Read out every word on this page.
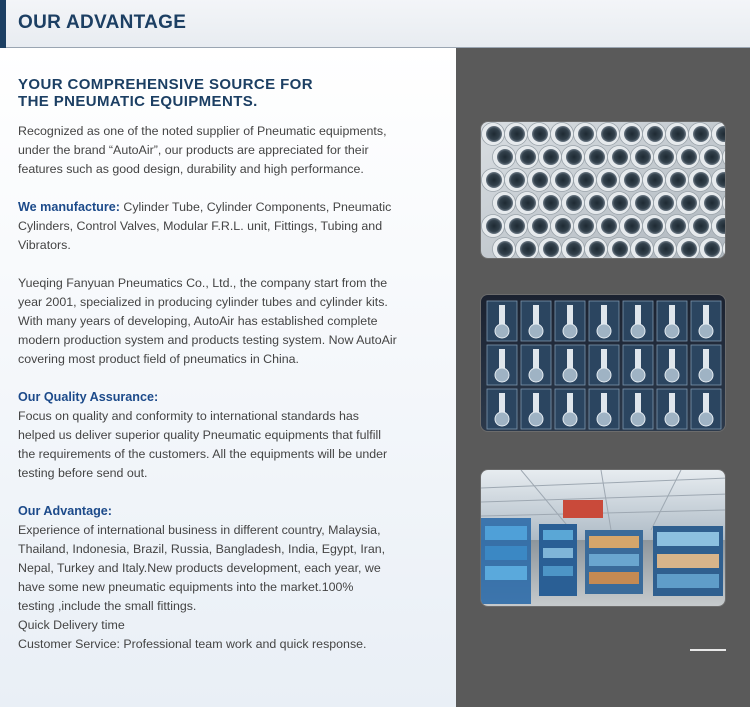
OUR ADVANTAGE
YOUR COMPREHENSIVE SOURCE FOR
THE PNEUMATIC EQUIPMENTS.
Recognized as one of the noted supplier of Pneumatic equipments,
under the brand “AutoAir”, our products are appreciated for their
features such as good design, durability and high performance.
We manufacture: Cylinder Tube, Cylinder Components, Pneumatic
Cylinders, Control Valves, Modular F.R.L. unit, Fittings, Tubing and
Vibrators.
Yueqing Fanyuan Pneumatics Co., Ltd., the company start from the
year 2001, specialized in producing cylinder tubes and cylinder kits.
With many years of developing, AutoAir has established complete
modern production system and products testing system. Now AutoAir
covering most product field of pneumatics in China.
Our Quality Assurance:
Focus on quality and conformity to international standards has
helped us deliver superior quality Pneumatic equipments that fulfill
the requirements of the customers. All the equipments will be under
testing before send out.
Our Advantage:
Experience of international business in different country, Malaysia,
Thailand, Indonesia, Brazil, Russia, Bangladesh, India, Egypt, Iran,
Nepal, Turkey and Italy.New products development, each year, we
have some new pneumatic equipments into the market.100%
testing ,include the small fittings.
Quick Delivery time
Customer Service: Professional team work and quick response.
